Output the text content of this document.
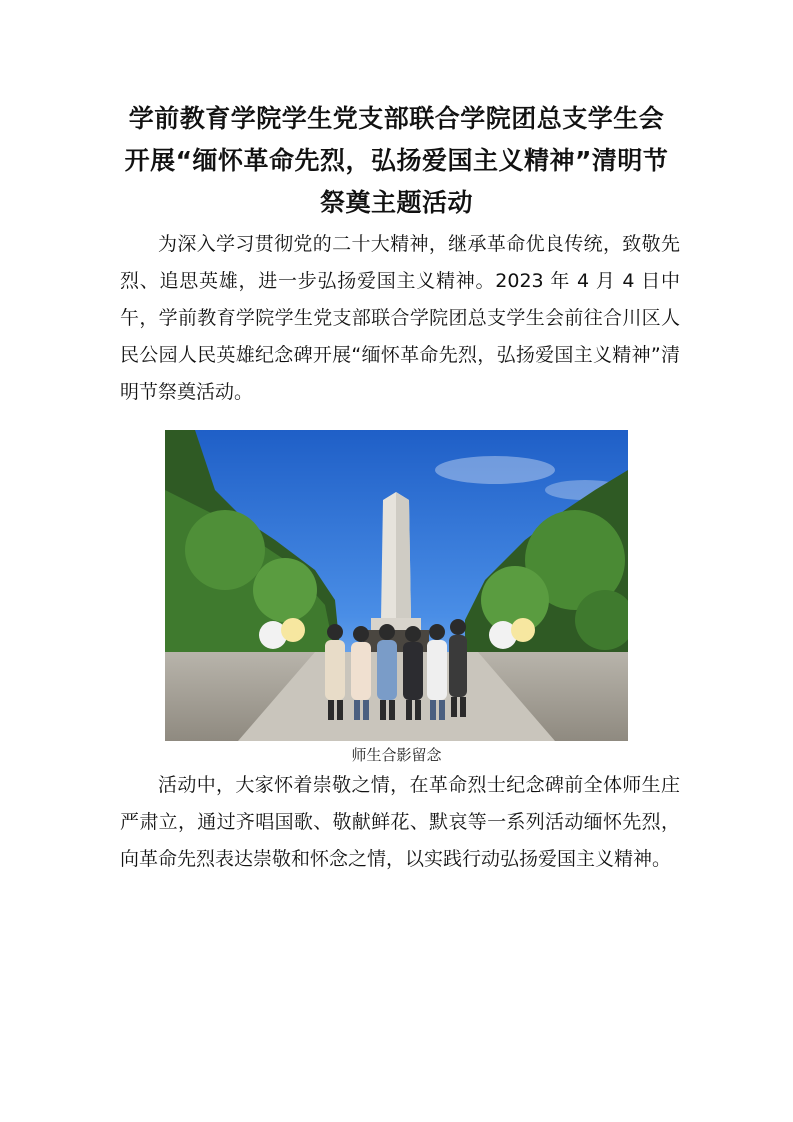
学前教育学院学生党支部联合学院团总支学生会
开展“缅怀革命先烈，弘扬爱国主义精神”清明节
祭奠主题活动
为深入学习贯彻党的二十大精神，继承革命优良传统，致敬先烈、追思英雄，进一步弘扬爱国主义精神。2023 年 4 月 4 日中午，学前教育学院学生党支部联合学院团总支学生会前往合川区人民公园人民英雄纪念碑开展“缅怀革命先烈，弘扬爱国主义精神”清明节祭奠活动。
师生合影留念
活动中，大家怀着崇敬之情，在革命烈士纪念碑前全体师生庄严肃立，通过齐唱国歌、敬献鲜花、默哀等一系列活动缅怀先烈，向革命先烈表达崇敬和怀念之情，以实践行动弘扬爱国主义精神。
